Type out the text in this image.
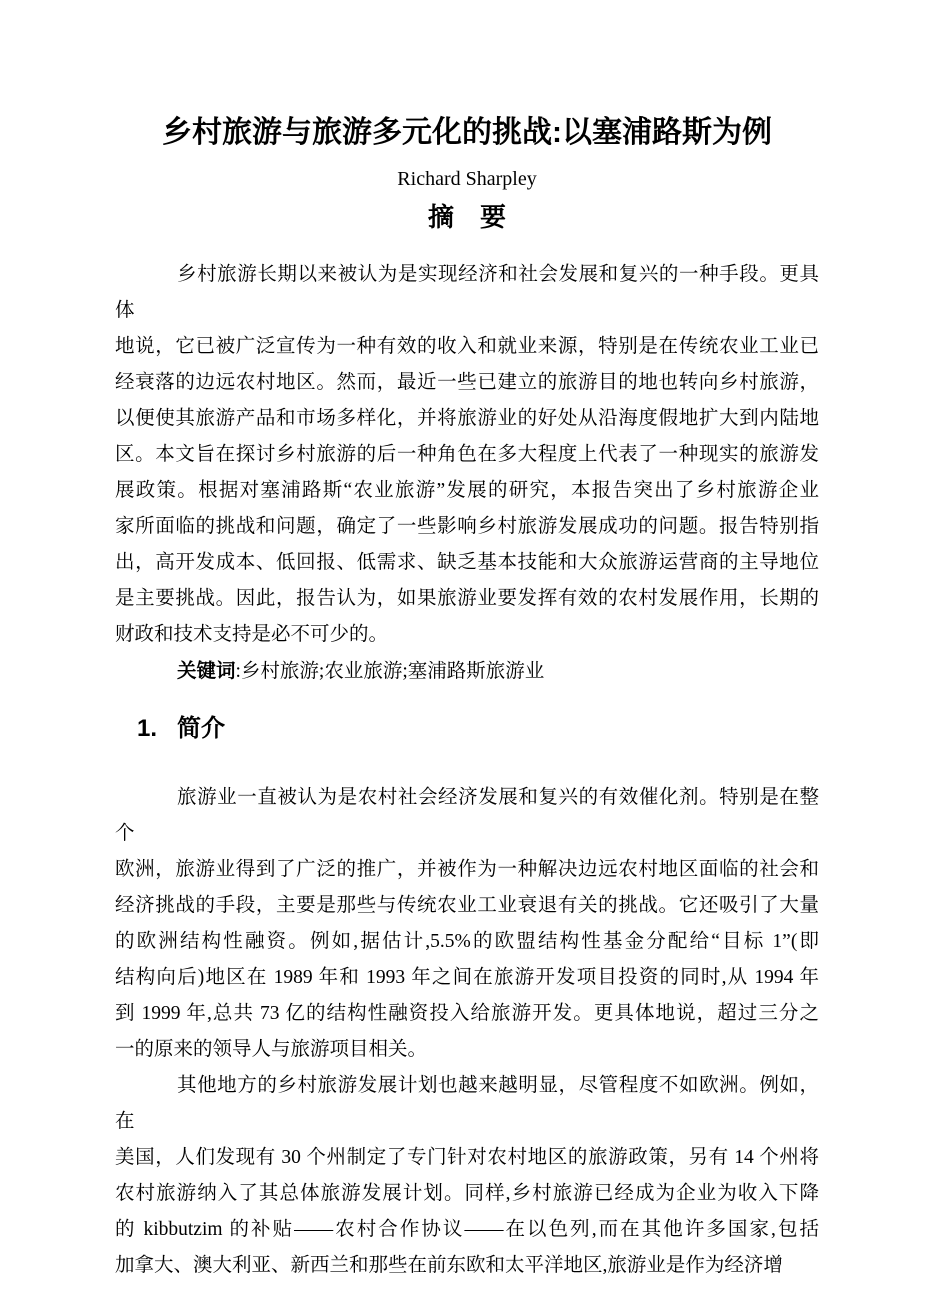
乡村旅游与旅游多元化的挑战:以塞浦路斯为例
Richard Sharpley
摘　要
乡村旅游长期以来被认为是实现经济和社会发展和复兴的一种手段。更具体
地说，它已被广泛宣传为一种有效的收入和就业来源，特别是在传统农业工业已
经衰落的边远农村地区。然而，最近一些已建立的旅游目的地也转向乡村旅游，
以便使其旅游产品和市场多样化，并将旅游业的好处从沿海度假地扩大到内陆地
区。本文旨在探讨乡村旅游的后一种角色在多大程度上代表了一种现实的旅游发
展政策。根据对塞浦路斯“农业旅游”发展的研究，本报告突出了乡村旅游企业
家所面临的挑战和问题，确定了一些影响乡村旅游发展成功的问题。报告特别指
出，高开发成本、低回报、低需求、缺乏基本技能和大众旅游运营商的主导地位
是主要挑战。因此，报告认为，如果旅游业要发挥有效的农村发展作用，长期的
财政和技术支持是必不可少的。
关键词:乡村旅游;农业旅游;塞浦路斯旅游业
1. 简介
旅游业一直被认为是农村社会经济发展和复兴的有效催化剂。特别是在整个
欧洲，旅游业得到了广泛的推广，并被作为一种解决边远农村地区面临的社会和
经济挑战的手段，主要是那些与传统农业工业衰退有关的挑战。它还吸引了大量
的欧洲结构性融资。例如,据估计,5.5%的欧盟结构性基金分配给“目标 1”(即
结构向后)地区在 1989 年和 1993 年之间在旅游开发项目投资的同时,从 1994 年
到 1999 年,总共 73 亿的结构性融资投入给旅游开发。更具体地说，超过三分之
一的原来的领导人与旅游项目相关。
其他地方的乡村旅游发展计划也越来越明显，尽管程度不如欧洲。例如，在
美国，人们发现有 30 个州制定了专门针对农村地区的旅游政策，另有 14 个州将
农村旅游纳入了其总体旅游发展计划。同样,乡村旅游已经成为企业为收入下降
的 kibbutzim 的补贴——农村合作协议——在以色列,而在其他许多国家,包括
加拿大、澳大利亚、新西兰和那些在前东欧和太平洋地区,旅游业是作为经济增
